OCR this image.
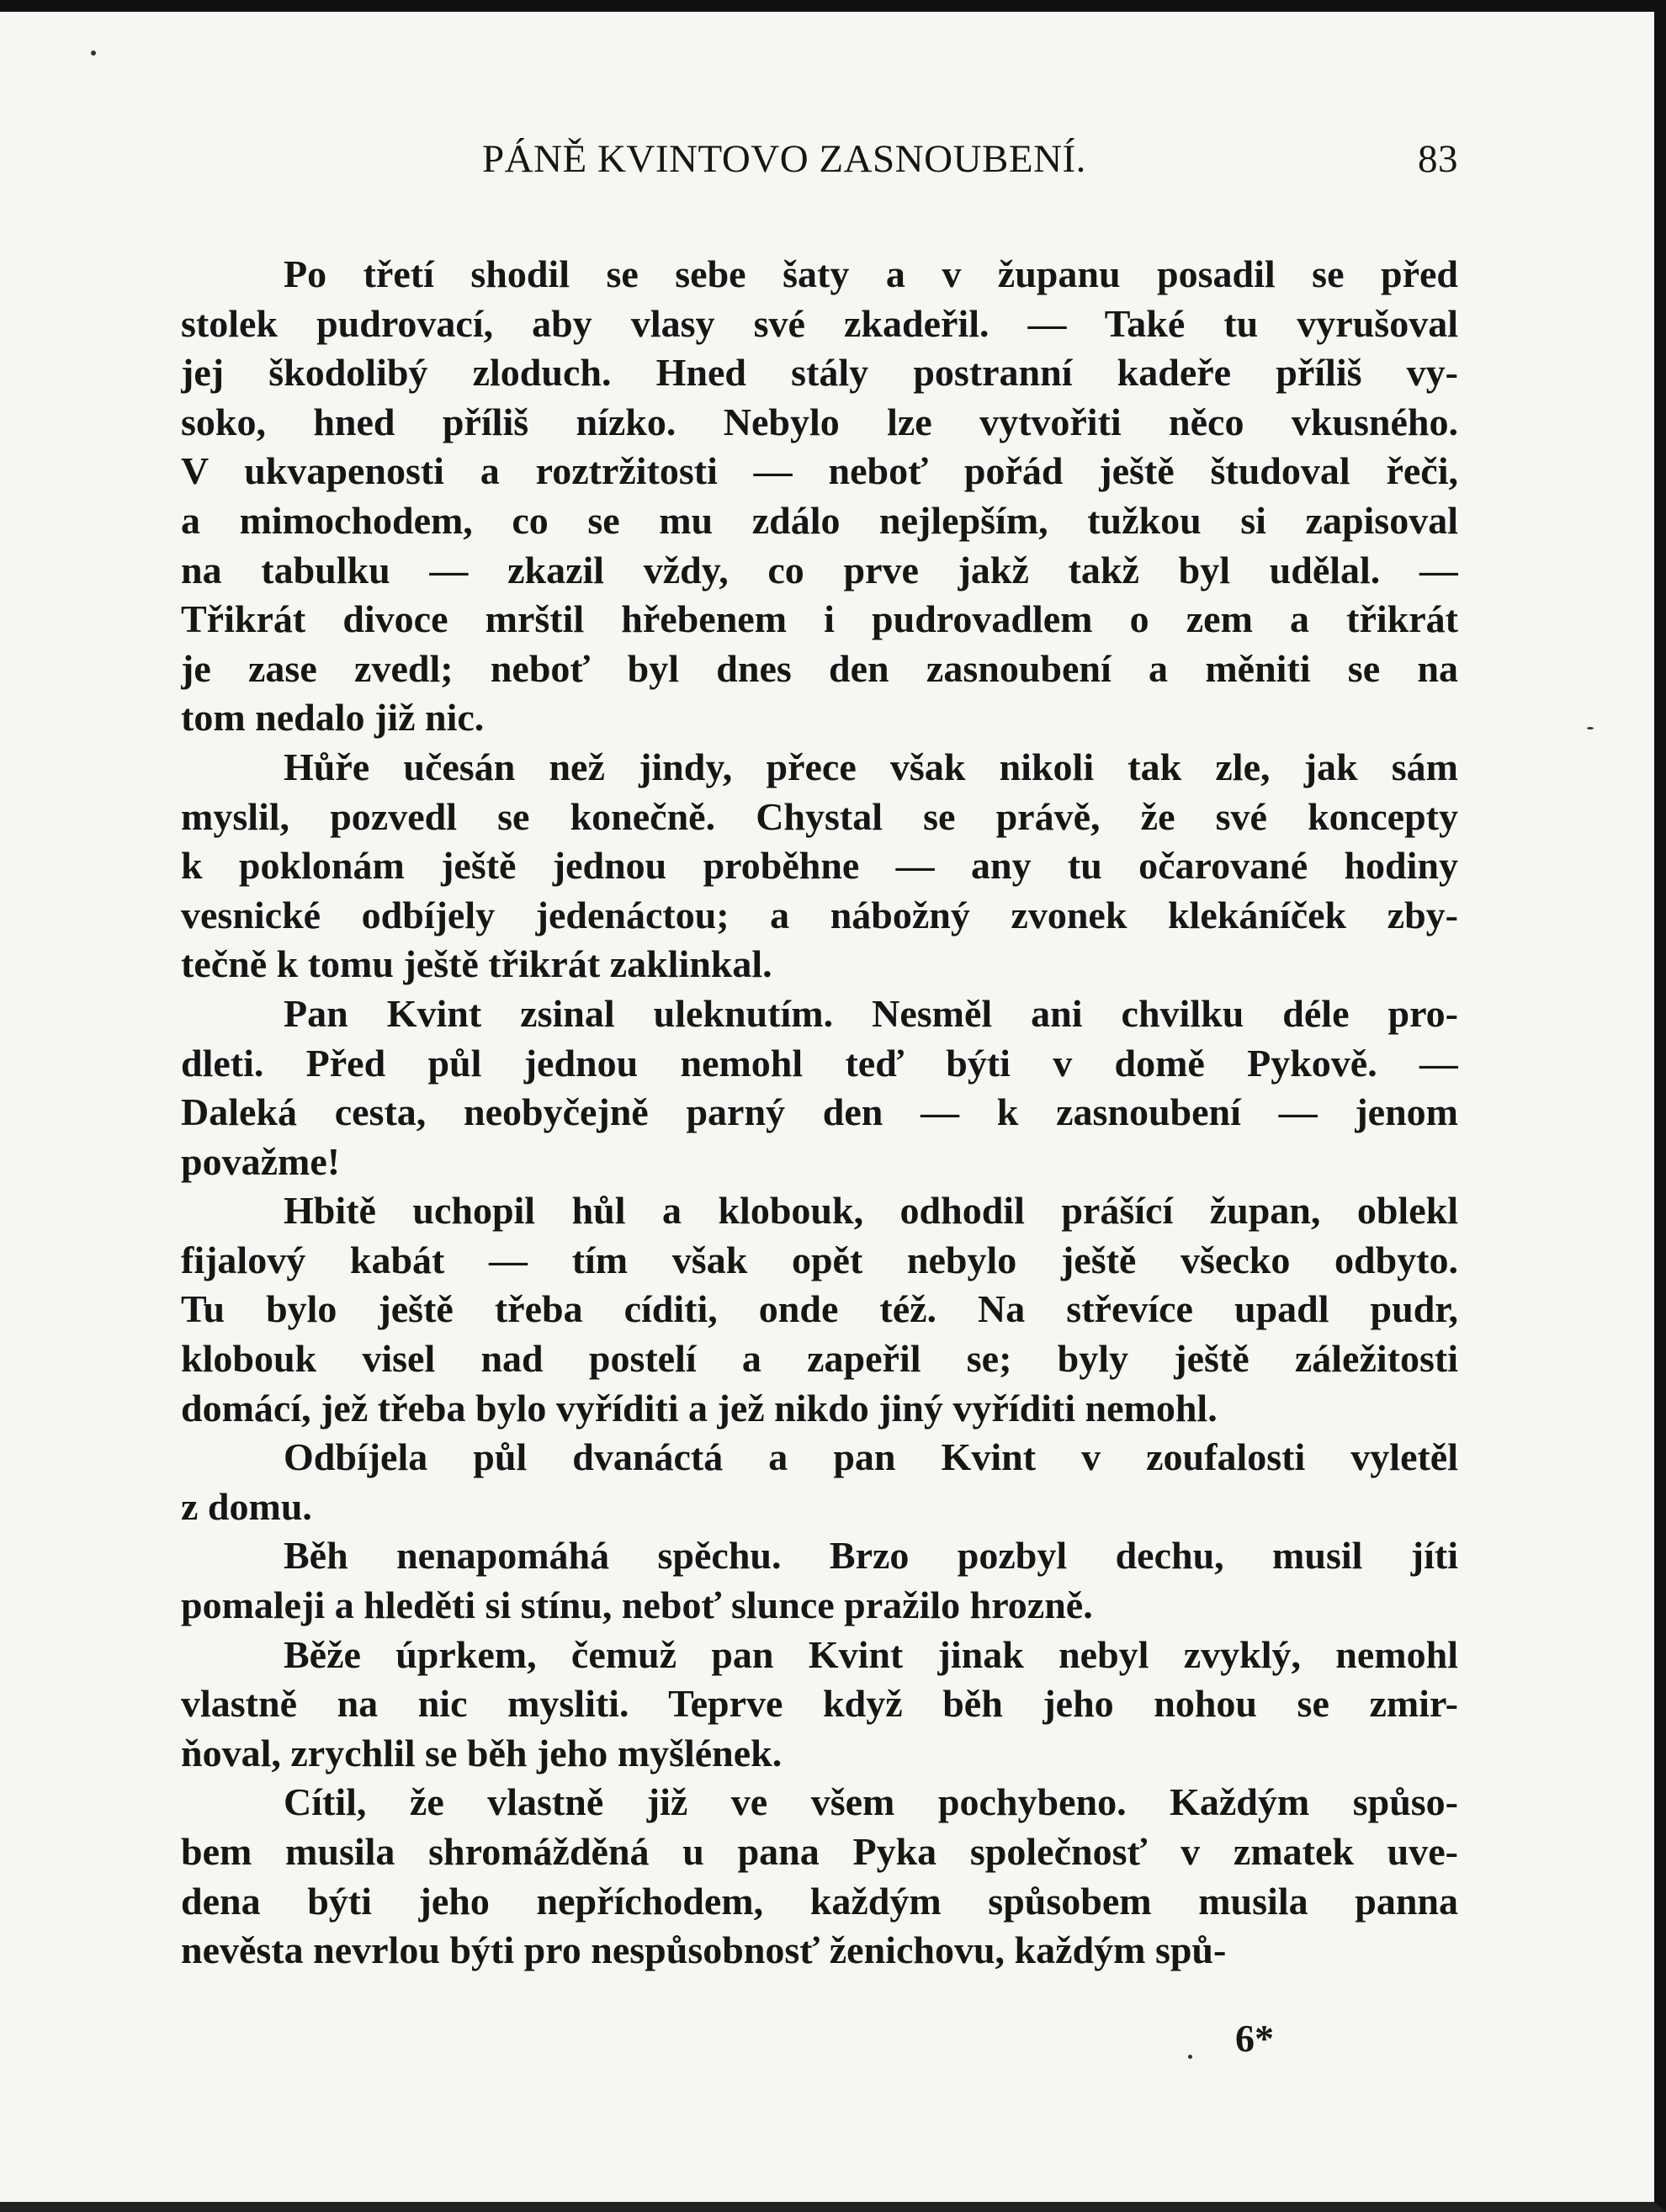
PÁNĚ KVINTOVO ZASNOUBENÍ.	83
Po třetí shodil se sebe šaty a v županu posadil se před
stolek pudrovací, aby vlasy své zkadeřil. — Také tu vyrušoval
jej škodolibý zloduch. Hned stály postranní kadeře příliš vy-
soko, hned příliš nízko. Nebylo lze vytvořiti něco vkusného.
V ukvapenosti a roztržitosti — neboť pořád ještě študoval řeči,
a mimochodem, co se mu zdálo nejlepším, tužkou si zapisoval
na tabulku — zkazil vždy, co prve jakž takž byl udělal. —
Třikrát divoce mrštil hřebenem i pudrovadlem o zem a třikrát
je zase zvedl; neboť byl dnes den zasnoubení a měniti se na
tom nedalo již nic.
Hůře učesán než jindy, přece však nikoli tak zle, jak sám
myslil, pozvedl se konečně. Chystal se právě, že své koncepty
k poklonám ještě jednou proběhne — any tu očarované hodiny
vesnické odbíjely jedenáctou; a nábožný zvonek klekáníček zby-
tečně k tomu ještě třikrát zaklinkal.
Pan Kvint zsinal uleknutím. Nesměl ani chvilku déle pro-
dleti. Před půl jednou nemohl teď býti v domě Pykově. —
Daleká cesta, neobyčejně parný den — k zasnoubení — jenom
považme!
Hbitě uchopil hůl a klobouk, odhodil prášící župan, oblekl
fijalový kabát — tím však opět nebylo ještě všecko odbyto.
Tu bylo ještě třeba cíditi, onde též. Na střevíce upadl pudr,
klobouk visel nad postelí a zapeřil se; byly ještě záležitosti
domácí, jež třeba bylo vyříditi a jež nikdo jiný vyříditi nemohl.
Odbíjela půl dvanáctá a pan Kvint v zoufalosti vyletěl
z domu.
Běh nenapomáhá spěchu. Brzo pozbyl dechu, musil jíti
pomaleji a hleděti si stínu, neboť slunce pražilo hrozně.
Běže úprkem, čemuž pan Kvint jinak nebyl zvyklý, nemohl
vlastně na nic mysliti. Teprve když běh jeho nohou se zmir-
ňoval, zrychlil se běh jeho myšlének.
Cítil, že vlastně již ve všem pochybeno. Každým spůso-
bem musila shromážděná u pana Pyka společnosť v zmatek uve-
dena býti jeho nepříchodem, každým spůsobem musila panna
nevěsta nevrlou býti pro nespůsobnosť ženichovu, každým spů-
6*
